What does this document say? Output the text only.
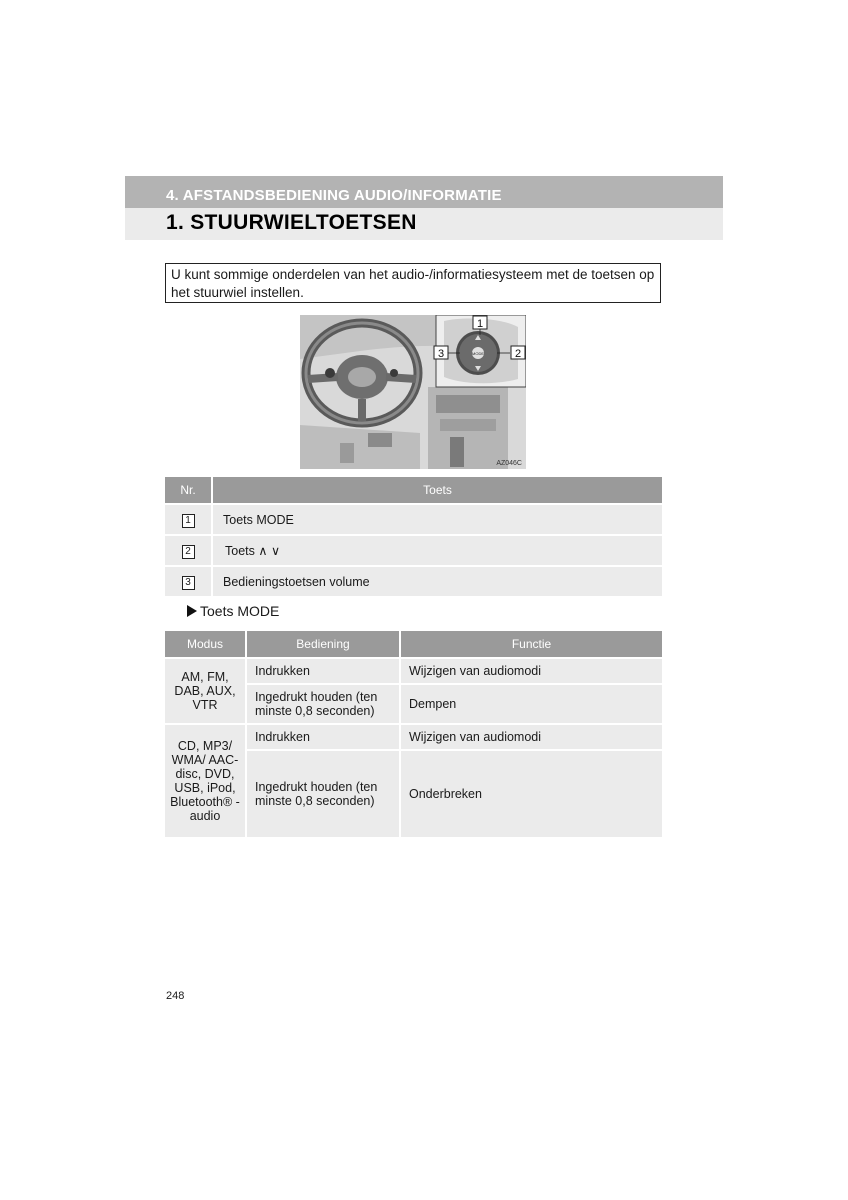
4. AFSTANDSBEDIENING AUDIO/INFORMATIE
1. STUURWIELTOETSEN
U kunt sommige onderdelen van het audio-/informatiesysteem met de toetsen op het stuurwiel instellen.
MODE
1
2
3
AZ046C
Nr.	Toets
1	Toets MODE
2	Toets ∧ ∨
3	Bedieningstoetsen volume
Toets MODE
Modus	Bediening	Functie
AM, FM, DAB, AUX, VTR	Indrukken	Wijzigen van audiomodi
	Ingedrukt houden (ten minste 0,8 seconden)	Dempen
CD, MP3/ WMA/ AAC-disc, DVD, USB, iPod, Bluetooth® - audio	Indrukken	Wijzigen van audiomodi
	Ingedrukt houden (ten minste 0,8 seconden)	Onderbreken
248
